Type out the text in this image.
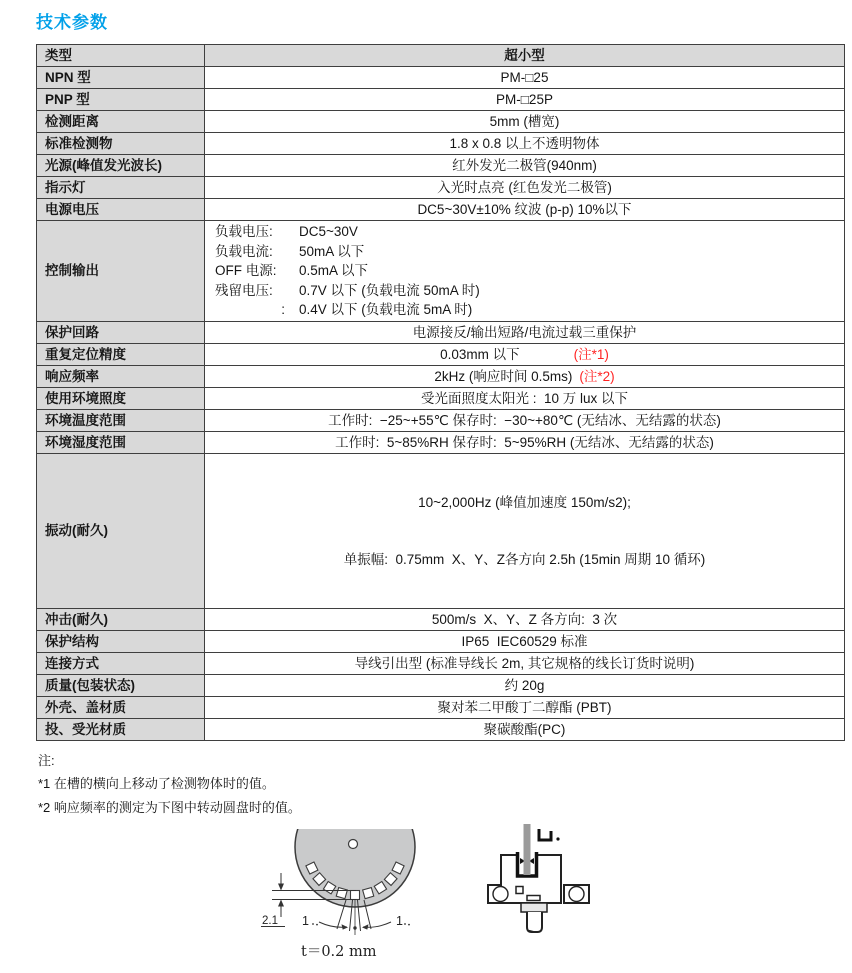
技术参数
类型	超小型
NPN 型	PM-□25
PNP 型	PM-□25P
检测距离	5mm (槽宽)
标准检测物	1.8 x 0.8 以上不透明物体
光源(峰值发光波长)	红外发光二极管(940nm)
指示灯	入光时点亮 (红色发光二极管)
电源电压	DC5~30V±10% 纹波 (p-p) 10%以下
控制输出	负载电压: DC5~30V
负载电流: 50mA 以下
OFF 电源: 0.5mA 以下
残留电压: 0.7V 以下 (负载电流 50mA 时)
: 0.4V 以下 (负载电流 5mA 时)

保护回路	电源接反/输出短路/电流过载三重保护
重复定位精度	0.03mm 以下 (注*1)
响应频率	2kHz (响应时间 0.5ms) (注*2)
使用环境照度	受光面照度太阳光 :  10 万 lux 以下
环境温度范围	工作时:  −25~+55℃ 保存时:  −30~+80℃ (无结冰、无结露的状态)
环境湿度范围	工作时:  5~85%RH 保存时:  5~95%RH (无结冰、无结露的状态)
振动(耐久)	10~2,000Hz (峰值加速度 150m/s2);

单振幅:  0.75mm  X、Y、Z各方向 2.5h (15min 周期 10 循环)

冲击(耐久)	500m/s  X、Y、Z 各方向:  3 次
保护结构	IP65  IEC60529 标准
连接方式	导线引出型 (标准导线长 2m, 其它规格的线长订货时说明)
质量(包装状态)	约 20g
外壳、盖材质	聚对苯二甲酸丁二醇酯 (PBT)
投、受光材质	聚碳酸酯(PC)
注:
*1 在槽的横向上移动了检测物体时的值。
*2 响应频率的测定为下图中转动圆盘时的值。
2.1 1	1
t＝0.2 mm
